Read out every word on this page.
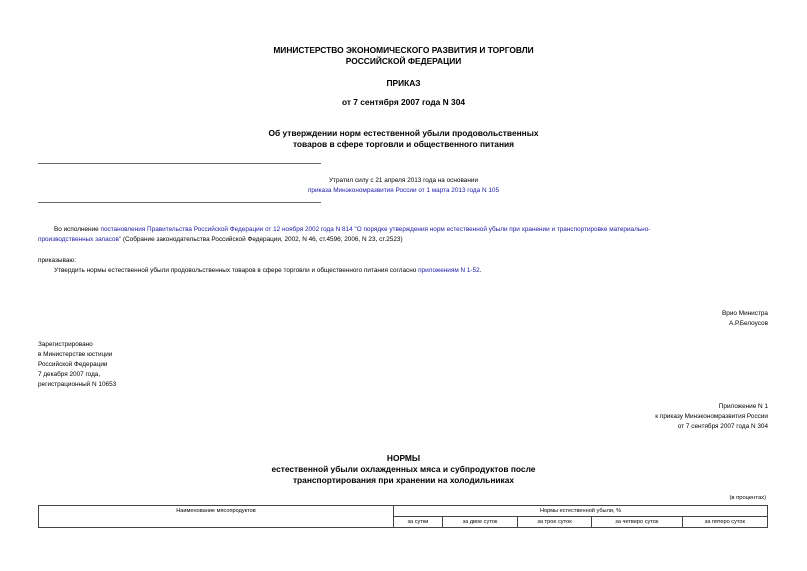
МИНИСТЕРСТВО ЭКОНОМИЧЕСКОГО РАЗВИТИЯ И ТОРГОВЛИ
РОССИЙСКОЙ ФЕДЕРАЦИИ
ПРИКАЗ
от 7 сентября 2007 года N 304
Об утверждении норм естественной убыли продовольственных
товаров в сфере торговли и общественного питания
Утратил силу с 21 апреля 2013 года на основании
приказа Минэкономразвития России от 1 марта 2013 года N 105
Во исполнение постановления Правительства Российской Федерации от 12 ноября 2002 года N 814 "О порядке утверждения норм естественной убыли при хранении и транспортировке материально-
производственных запасов" (Собрание законодательства Российской Федерации, 2002, N 46, ст.4596; 2006, N 23, ст.2523)
приказываю:
Утвердить нормы естественной убыли продовольственных товаров в сфере торговли и общественного питания согласно приложениям N 1-52.
Врио Министра
А.Р.Белоусов
Зарегистрировано
в Министерстве юстиции
Российской Федерации
7 декабря 2007 года,
регистрационный N 10653
Приложение N 1
к приказу Минэкономразвития России
от 7 сентября 2007 года N 304
НОРМЫ
естественной убыли охлажденных мяса и субпродуктов после
транспортирования при хранении на холодильниках
(в процентах)
Наименование мясопродуктов	Нормы естественной убыли, %				
	за сутки	за двое суток	за трое суток	за четверо суток	за пятеро суток
